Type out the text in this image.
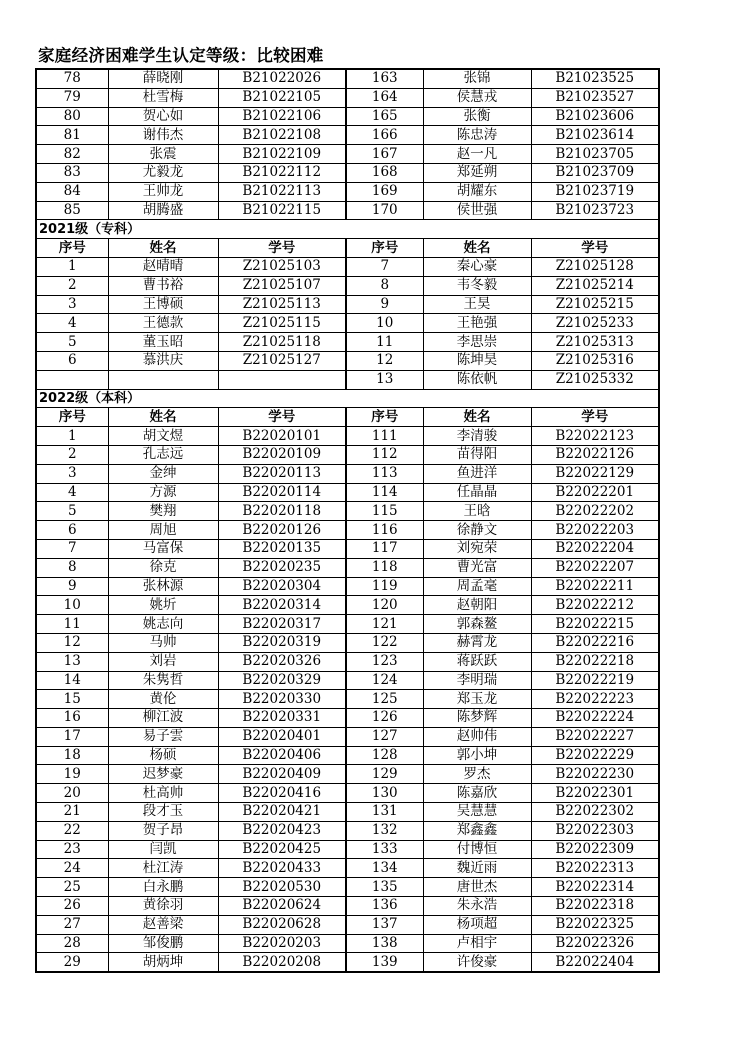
家庭经济困难学生认定等级：比较困难
78	薛晓刚	B21022026	163	张锦	B21023525
79	杜雪梅	B21022105	164	侯慧戎	B21023527
80	贺心如	B21022106	165	张衡	B21023606
81	谢伟杰	B21022108	166	陈忠涛	B21023614
82	张震	B21022109	167	赵一凡	B21023705
83	尤毅龙	B21022112	168	郑延朔	B21023709
84	王帅龙	B21022113	169	胡耀东	B21023719
85	胡腾盛	B21022115	170	侯世强	B21023723
2021级（专科）					
序号	姓名	学号	序号	姓名	学号
1	赵晴晴	Z21025103	7	秦心豪	Z21025128
2	曹书裕	Z21025107	8	韦冬毅	Z21025214
3	王博硕	Z21025113	9	王昊	Z21025215
4	王德款	Z21025115	10	王艳强	Z21025233
5	董玉昭	Z21025118	11	李思崇	Z21025313
6	慕洪庆	Z21025127	12	陈坤昊	Z21025316
			13	陈依帆	Z21025332
2022级（本科）					
序号	姓名	学号	序号	姓名	学号
1	胡文煜	B22020101	111	李清骏	B22022123
2	孔志远	B22020109	112	苗得阳	B22022126
3	金绅	B22020113	113	鱼进洋	B22022129
4	方源	B22020114	114	任晶晶	B22022201
5	樊翔	B22020118	115	王晗	B22022202
6	周旭	B22020126	116	徐静文	B22022203
7	马富保	B22020135	117	刘宛荣	B22022204
8	徐克	B22020235	118	曹光富	B22022207
9	张林源	B22020304	119	周孟毫	B22022211
10	姚圻	B22020314	120	赵朝阳	B22022212
11	姚志向	B22020317	121	郭森鳌	B22022215
12	马帅	B22020319	122	赫霄龙	B22022216
13	刘岩	B22020326	123	蒋跃跃	B22022218
14	朱隽哲	B22020329	124	李明瑞	B22022219
15	黄伦	B22020330	125	郑玉龙	B22022223
16	柳江波	B22020331	126	陈梦辉	B22022224
17	易子雲	B22020401	127	赵帅伟	B22022227
18	杨硕	B22020406	128	郭小坤	B22022229
19	迟梦豪	B22020409	129	罗杰	B22022230
20	杜高帅	B22020416	130	陈嘉欣	B22022301
21	段才玉	B22020421	131	吴慧慧	B22022302
22	贺子昂	B22020423	132	郑鑫鑫	B22022303
23	闫凯	B22020425	133	付博恒	B22022309
24	杜江涛	B22020433	134	魏近雨	B22022313
25	白永鹏	B22020530	135	唐世杰	B22022314
26	黄徐羽	B22020624	136	朱永浩	B22022318
27	赵善梁	B22020628	137	杨项超	B22022325
28	邹俊鹏	B22020203	138	卢相宇	B22022326
29	胡炳坤	B22020208	139	许俊豪	B22022404
